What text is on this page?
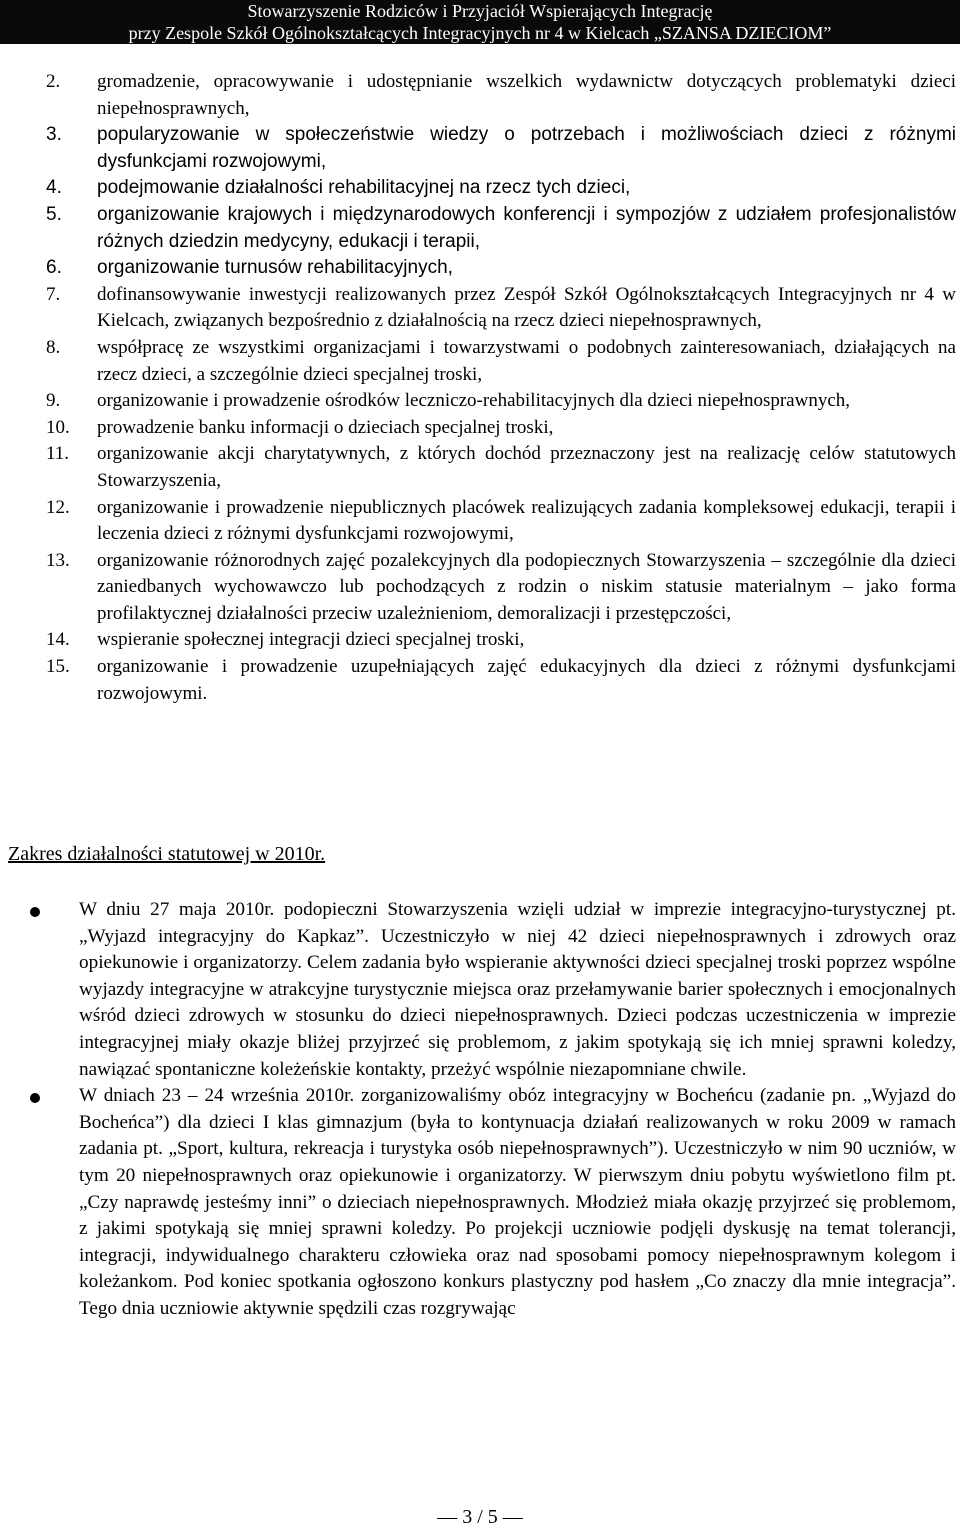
Stowarzyszenie Rodziców i Przyjaciół Wspierających Integrację
przy Zespole Szkół Ogólnokształcących Integracyjnych nr 4 w Kielcach „SZANSA DZIECIOM”
2.	gromadzenie, opracowywanie i udostępnianie wszelkich wydawnictw dotyczących problematyki dzieci niepełnosprawnych,
3.	popularyzowanie w społeczeństwie wiedzy o potrzebach i możliwościach dzieci z różnymi dysfunkcjami rozwojowymi,
4.	podejmowanie działalności rehabilitacyjnej na rzecz tych dzieci,
5.	organizowanie krajowych i międzynarodowych konferencji i sympozjów z udziałem profesjonalistów różnych dziedzin medycyny, edukacji i terapii,
6.	organizowanie turnusów rehabilitacyjnych,
7.	dofinansowywanie inwestycji realizowanych przez Zespół Szkół Ogólnokształcących Integracyjnych nr 4 w Kielcach, związanych bezpośrednio z działalnością na rzecz dzieci niepełnosprawnych,
8.	współpracę ze wszystkimi organizacjami i towarzystwami o podobnych zainteresowaniach, działających na rzecz dzieci, a szczególnie dzieci specjalnej troski,
9.	organizowanie i prowadzenie ośrodków leczniczo-rehabilitacyjnych dla dzieci niepełnosprawnych,
10.	prowadzenie banku informacji o dzieciach specjalnej troski,
11.	organizowanie akcji charytatywnych, z których dochód przeznaczony jest na realizację celów statutowych Stowarzyszenia,
12.	organizowanie i prowadzenie niepublicznych placówek realizujących zadania kompleksowej edukacji, terapii i leczenia dzieci z różnymi dysfunkcjami rozwojowymi,
13.	organizowanie różnorodnych zajęć pozalekcyjnych dla podopiecznych Stowarzyszenia – szczególnie dla dzieci zaniedbanych wychowawczo lub pochodzących z rodzin o niskim statusie materialnym – jako forma profilaktycznej działalności przeciw uzależnieniom, demoralizacji i przestępczości,
14.	wspieranie społecznej integracji dzieci specjalnej troski,
15.	organizowanie i prowadzenie uzupełniających zajęć edukacyjnych dla dzieci z różnymi dysfunkcjami rozwojowymi.
Zakres działalności statutowej w 2010r.
W dniu 27 maja 2010r. podopieczni Stowarzyszenia wzięli udział w imprezie integracyjno-turystycznej pt. „Wyjazd integracyjny do Kapkaz”. Uczestniczyło w niej 42 dzieci niepełnosprawnych i zdrowych oraz opiekunowie i organizatorzy. Celem zadania było wspieranie aktywności dzieci specjalnej troski poprzez wspólne wyjazdy integracyjne w atrakcyjne turystycznie miejsca oraz przełamywanie barier społecznych i emocjonalnych wśród dzieci zdrowych w stosunku do dzieci niepełnosprawnych. Dzieci podczas uczestniczenia w imprezie integracyjnej miały okazje bliżej przyjrzeć się problemom, z jakim spotykają się ich mniej sprawni koledzy, nawiązać spontaniczne koleżeńskie kontakty, przeżyć wspólnie niezapomniane chwile.
W dniach 23 – 24 września 2010r. zorganizowaliśmy obóz integracyjny w Bocheńcu (zadanie pn. „Wyjazd do Bocheńca”) dla dzieci I klas gimnazjum (była to kontynuacja działań realizowanych w roku 2009 w ramach zadania pt. „Sport, kultura, rekreacja i turystyka osób niepełnosprawnych”). Uczestniczyło w nim 90 uczniów, w tym 20 niepełnosprawnych oraz opiekunowie i organizatorzy. W pierwszym dniu pobytu wyświetlono film pt. „Czy naprawdę jesteśmy inni” o dzieciach niepełnosprawnych. Młodzież miała okazję przyjrzeć się problemom, z jakimi spotykają się mniej sprawni koledzy. Po projekcji uczniowie podjęli dyskusję na temat tolerancji, integracji, indywidualnego charakteru człowieka oraz nad sposobami pomocy niepełnosprawnym kolegom i koleżankom. Pod koniec spotkania ogłoszono konkurs plastyczny pod hasłem „Co znaczy dla mnie integracja”. Tego dnia uczniowie aktywnie spędzili czas rozgrywając
— 3 / 5 —
